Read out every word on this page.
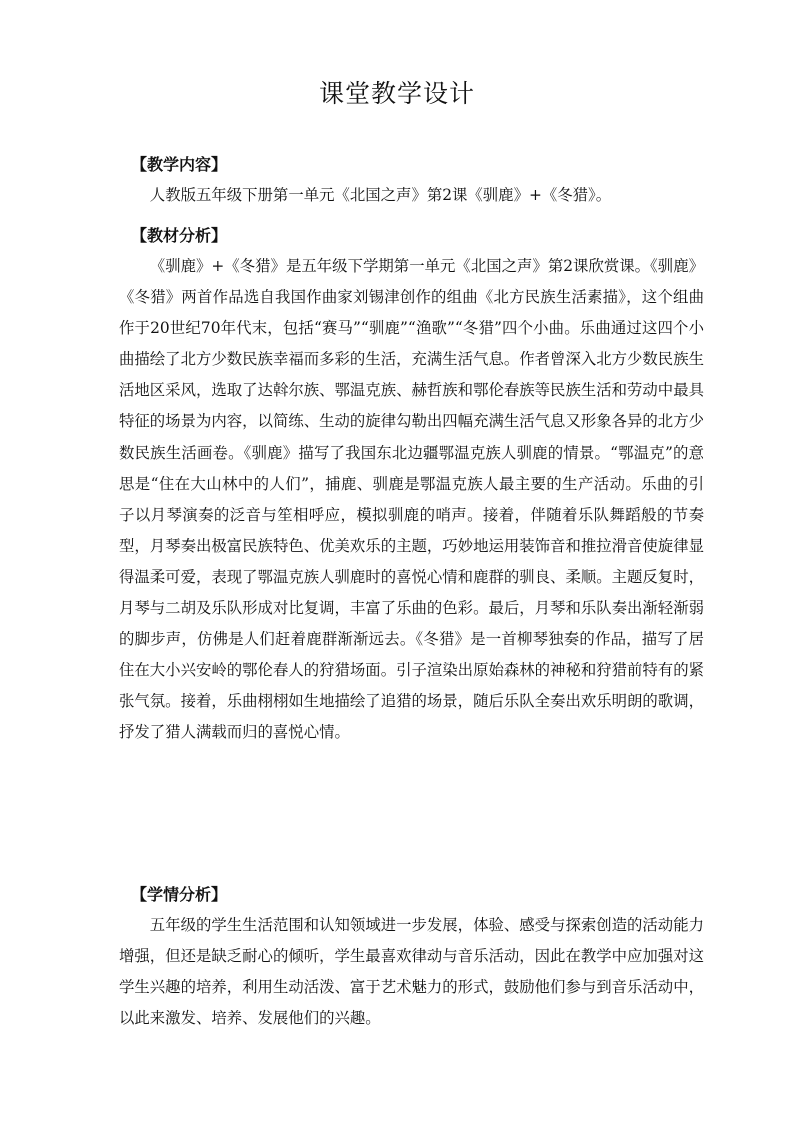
课堂教学设计
【教学内容】

人教版五年级下册第一单元《北国之声》第2课《驯鹿》+《冬猎》。

【教材分析】

《驯鹿》+《冬猎》是五年级下学期第一单元《北国之声》第2课欣赏课。《驯鹿》《冬猎》两首作品选自我国作曲家刘锡津创作的组曲《北方民族生活素描》，这个组曲作于20世纪70年代末，包括“赛马”“驯鹿”“渔歌”“冬猎”四个小曲。乐曲通过这四个小曲描绘了北方少数民族幸福而多彩的生活，充满生活气息。作者曾深入北方少数民族生活地区采风，选取了达斡尔族、鄂温克族、赫哲族和鄂伦春族等民族生活和劳动中最具特征的场景为内容，以简练、生动的旋律勾勒出四幅充满生活气息又形象各异的北方少数民族生活画卷。《驯鹿》描写了我国东北边疆鄂温克族人驯鹿的情景。“鄂温克”的意思是“住在大山林中的人们”，捕鹿、驯鹿是鄂温克族人最主要的生产活动。乐曲的引子以月琴演奏的泛音与笙相呼应，模拟驯鹿的哨声。接着，伴随着乐队舞蹈般的节奏型，月琴奏出极富民族特色、优美欢乐的主题，巧妙地运用装饰音和推拉滑音使旋律显得温柔可爱，表现了鄂温克族人驯鹿时的喜悦心情和鹿群的驯良、柔顺。主题反复时，月琴与二胡及乐队形成对比复调，丰富了乐曲的色彩。最后，月琴和乐队奏出渐轻渐弱的脚步声，仿佛是人们赶着鹿群渐渐远去。《冬猎》是一首柳琴独奏的作品，描写了居住在大小兴安岭的鄂伦春人的狩猎场面。引子渲染出原始森林的神秘和狩猎前特有的紧张气氛。接着，乐曲栩栩如生地描绘了追猎的场景，随后乐队全奏出欢乐明朗的歌调，抒发了猎人满载而归的喜悦心情。

【学情分析】

五年级的学生生活范围和认知领域进一步发展，体验、感受与探索创造的活动能力增强，但还是缺乏耐心的倾听，学生最喜欢律动与音乐活动，因此在教学中应加强对这学生兴趣的培养，利用生动活泼、富于艺术魅力的形式，鼓励他们参与到音乐活动中，以此来激发、培养、发展他们的兴趣。
